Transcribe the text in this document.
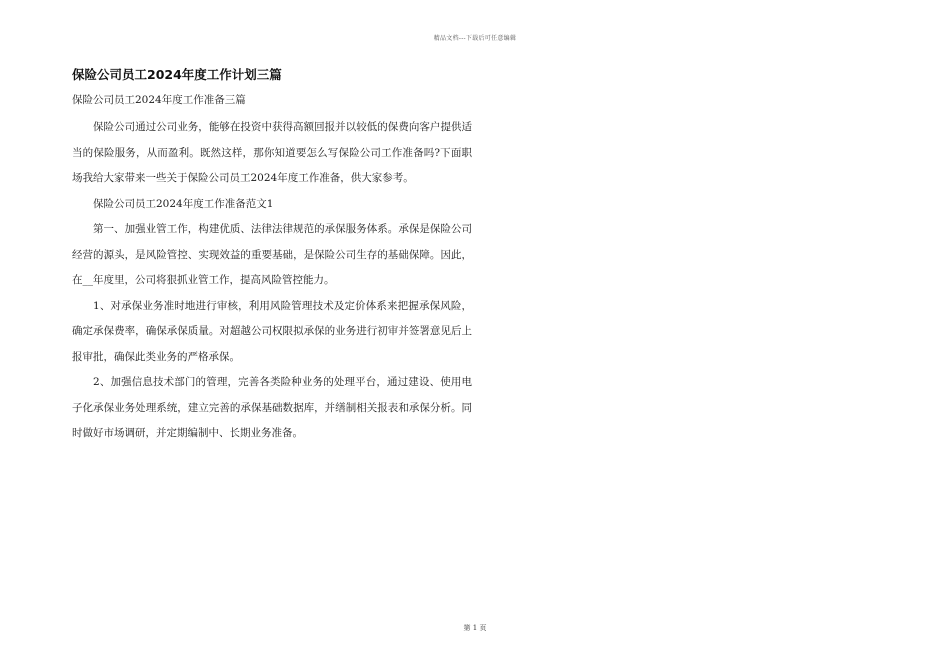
精品文档---下载后可任意编辑
保险公司员工2024年度工作计划三篇
保险公司员工2024年度工作准备三篇

保险公司通过公司业务，能够在投资中获得高额回报并以较低的保费向客户提供适当的保险服务，从而盈利。既然这样，那你知道要怎么写保险公司工作准备吗?下面职场我给大家带来一些关于保险公司员工2024年度工作准备，供大家参考。

保险公司员工2024年度工作准备范文1

第一、加强业管工作，构建优质、法律法律规范的承保服务体系。承保是保险公司经营的源头，是风险管控、实现效益的重要基础，是保险公司生存的基础保障。因此，在__年度里，公司将狠抓业管工作，提高风险管控能力。

1、对承保业务准时地进行审核，利用风险管理技术及定价体系来把握承保风险，确定承保费率，确保承保质量。对超越公司权限拟承保的业务进行初审并签署意见后上报审批，确保此类业务的严格承保。

2、加强信息技术部门的管理，完善各类险种业务的处理平台，通过建设、使用电子化承保业务处理系统，建立完善的承保基础数据库，并缮制相关报表和承保分析。同时做好市场调研，并定期编制中、长期业务准备。

第 1 页
